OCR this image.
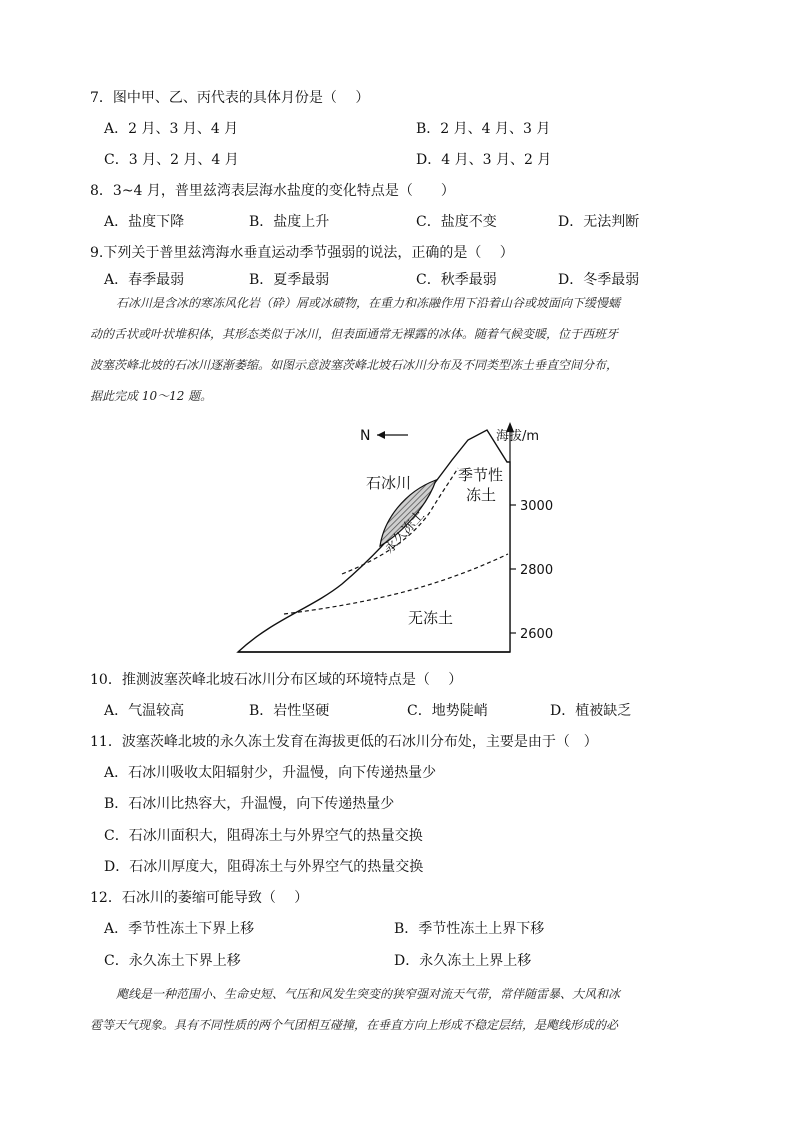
7．图中甲、乙、丙代表的具体月份是（　 ）
A．2 月、3 月、4 月	B．2 月、4 月、3 月
C．3 月、2 月、4 月	D．4 月、3 月、2 月
8．3~4 月，普里兹湾表层海水盐度的变化特点是（　　）
A．盐度下降	B．盐度上升	C．盐度不变	D．无法判断
9.下列关于普里兹湾海水垂直运动季节强弱的说法，正确的是（　 ）
A．春季最弱	B．夏季最弱	C．秋季最弱	D．冬季最弱
石冰川是含冰的寒冻风化岩（砕）屑或冰碛物，在重力和冻融作用下沿着山谷或坡面向下缓慢蠕
动的舌状或叶状堆积体，其形态类似于冰川，但表面通常无裸露的冰体。随着气候变暖，位于西班牙
波塞茨峰北坡的石冰川逐渐萎缩。如图示意波塞茨峰北坡石冰川分布及不同类型冻土垂直空间分布，
据此完成 10～12 题。
N	海拔/m
3000
2800
2600
石冰川	季节性
冻土
永久冻土
无冻土
10．推测波塞茨峰北坡石冰川分布区域的环境特点是（　 ）
A．气温较高	B．岩性坚硬	C．地势陡峭	D．植被缺乏
11．波塞茨峰北坡的永久冻土发育在海拔更低的石冰川分布处，主要是由于（　）
A．石冰川吸收太阳辐射少，升温慢，向下传递热量少
B．石冰川比热容大，升温慢，向下传递热量少
C．石冰川面积大，阻碍冻土与外界空气的热量交换
D．石冰川厚度大，阻碍冻土与外界空气的热量交换
12．石冰川的萎缩可能导致（　 ）
A．季节性冻土下界上移	B．季节性冻土上界下移
C．永久冻土下界上移	D．永久冻土上界上移
飑线是一种范围小、生命史短、气压和风发生突变的狭窄强对流天气带，常伴随雷暴、大风和冰
雹等天气现象。具有不同性质的两个气团相互碰撞，在垂直方向上形成不稳定层结，是飑线形成的必
